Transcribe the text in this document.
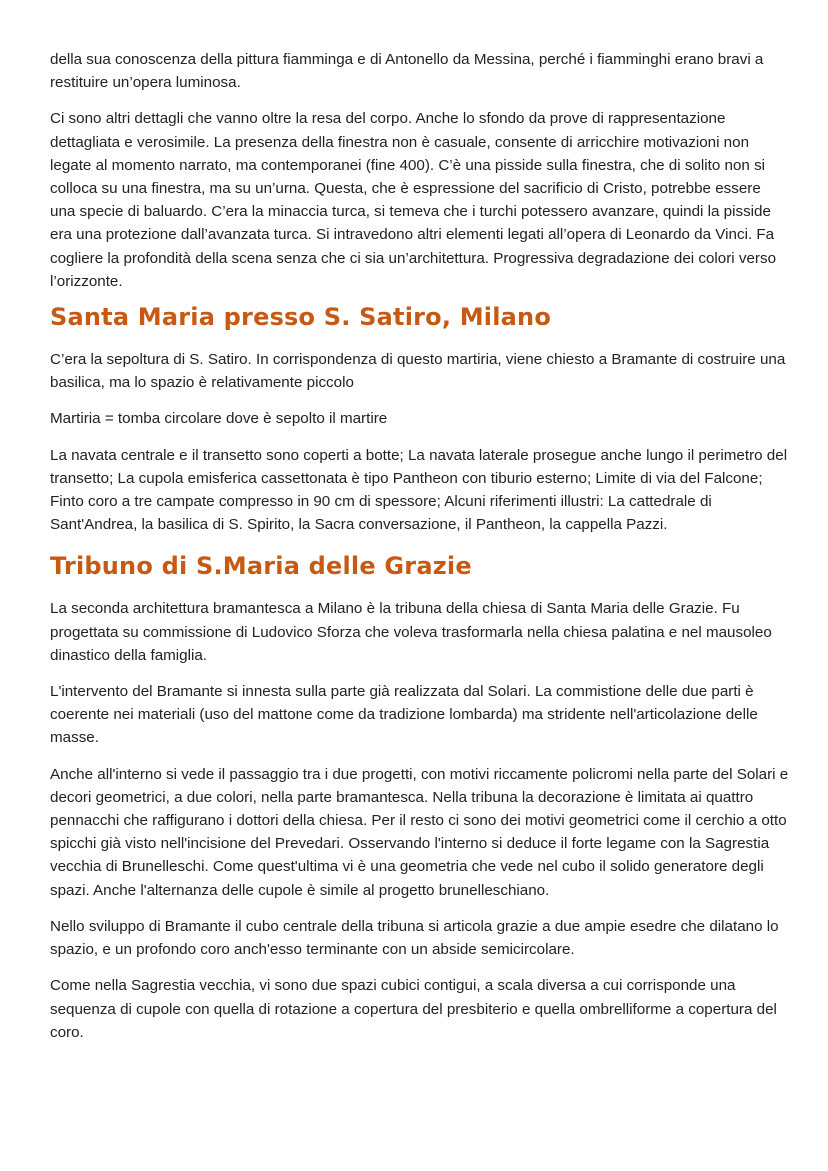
della sua conoscenza della pittura fiamminga e di Antonello da Messina, perché i fiamminghi erano bravi a restituire un’opera luminosa.

Ci sono altri dettagli che vanno oltre la resa del corpo. Anche lo sfondo da prove di rappresentazione dettagliata e verosimile. La presenza della finestra non è casuale, consente di arricchire motivazioni non legate al momento narrato, ma contemporanei (fine 400). C’è una pisside sulla finestra, che di solito non si colloca su una finestra, ma su un’urna. Questa, che è espressione del sacrificio di Cristo, potrebbe essere una specie di baluardo. C’era la minaccia turca, si temeva che i turchi potessero avanzare, quindi la pisside era una protezione dall’avanzata turca. Si intravedono altri elementi legati all’opera di Leonardo da Vinci. Fa cogliere la profondità della scena senza che ci sia un’architettura. Progressiva degradazione dei colori verso l’orizzonte.

Santa Maria presso S. Satiro, Milano

C’era la sepoltura di S. Satiro. In corrispondenza di questo martiria, viene chiesto a Bramante di costruire una basilica, ma lo spazio è relativamente piccolo

Martiria = tomba circolare dove è sepolto il martire

La navata centrale e il transetto sono coperti a botte; La navata laterale prosegue anche lungo il perimetro del transetto; La cupola emisferica cassettonata è tipo Pantheon con tiburio esterno; Limite di via del Falcone; Finto coro a tre campate compresso in 90 cm di spessore; Alcuni riferimenti illustri: La cattedrale di Sant'Andrea, la basilica di S. Spirito, la Sacra conversazione, il Pantheon, la cappella Pazzi.

Tribuno di S.Maria delle Grazie

La seconda architettura bramantesca a Milano è la tribuna della chiesa di Santa Maria delle Grazie. Fu progettata su commissione di Ludovico Sforza che voleva trasformarla nella chiesa palatina e nel mausoleo dinastico della famiglia.

L'intervento del Bramante si innesta sulla parte già realizzata dal Solari. La commistione delle due parti è coerente nei materiali (uso del mattone come da tradizione lombarda) ma stridente nell'articolazione delle masse.

Anche all'interno si vede il passaggio tra i due progetti, con motivi riccamente policromi nella parte del Solari e decori geometrici, a due colori, nella parte bramantesca. Nella tribuna la decorazione è limitata ai quattro pennacchi che raffigurano i dottori della chiesa. Per il resto ci sono dei motivi geometrici come il cerchio a otto spicchi già visto nell'incisione del Prevedari. Osservando l'interno si deduce il forte legame con la Sagrestia vecchia di Brunelleschi. Come quest'ultima vi è una geometria che vede nel cubo il solido generatore degli spazi. Anche l'alternanza delle cupole è simile al progetto brunelleschiano.

Nello sviluppo di Bramante il cubo centrale della tribuna si articola grazie a due ampie esedre che dilatano lo spazio, e un profondo coro anch'esso terminante con un abside semicircolare.

Come nella Sagrestia vecchia, vi sono due spazi cubici contigui, a scala diversa a cui corrisponde una sequenza di cupole con quella di rotazione a copertura del presbiterio e quella ombrelliforme a copertura del coro.
